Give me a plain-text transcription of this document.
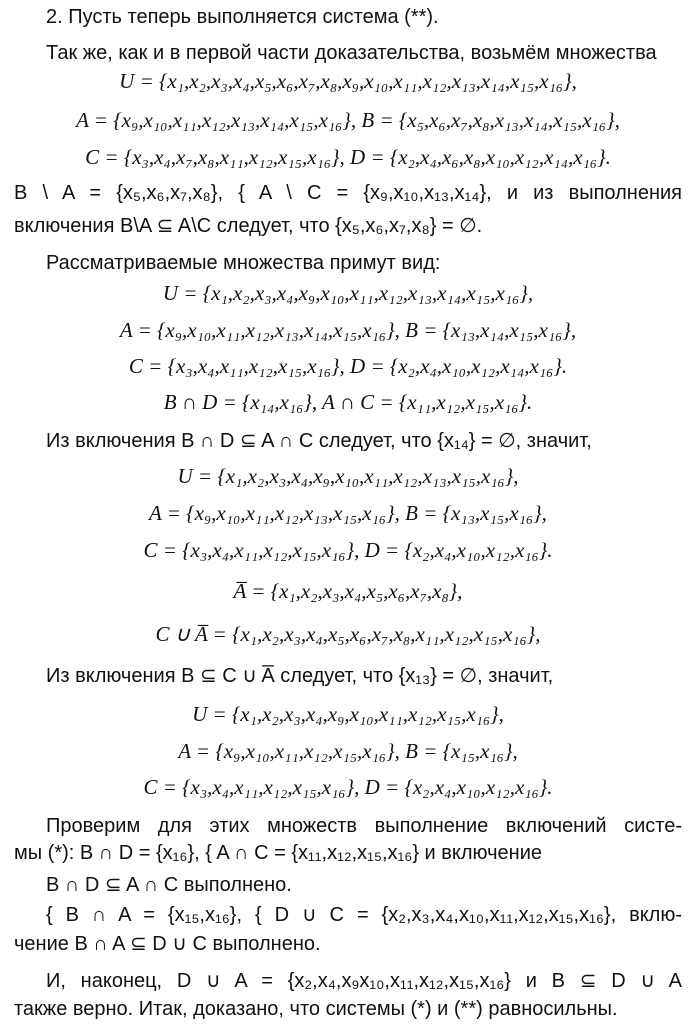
2. Пусть теперь выполняется система (**).
Так же, как и в первой части доказательства, возьмём множества
U = {x₁,x₂,x₃,x₄,x₅,x₆,x₇,x₈,x₉,x₁₀,x₁₁,x₁₂,x₁₃,x₁₄,x₁₅,x₁₆},
A = {x₉,x₁₀,x₁₁,x₁₂,x₁₃,x₁₄,x₁₅,x₁₆}, B = {x₅,x₆,x₇,x₈,x₁₃,x₁₄,x₁₅,x₁₆},
C = {x₃,x₄,x₇,x₈,x₁₁,x₁₂,x₁₅,x₁₆}, D = {x₂,x₄,x₆,x₈,x₁₀,x₁₂,x₁₄,x₁₆}.
B \ A = {x₅,x₆,x₇,x₈}, { A \ C = {x₉,x₁₀,x₁₃,x₁₄}, и из выполнения
включения B\A ⊆ A\C следует, что {x₅,x₆,x₇,x₈} = ∅.
Рассматриваемые множества примут вид:
U = {x₁,x₂,x₃,x₄,x₉,x₁₀,x₁₁,x₁₂,x₁₃,x₁₄,x₁₅,x₁₆},
A = {x₉,x₁₀,x₁₁,x₁₂,x₁₃,x₁₄,x₁₅,x₁₆}, B = {x₁₃,x₁₄,x₁₅,x₁₆},
C = {x₃,x₄,x₁₁,x₁₂,x₁₅,x₁₆}, D = {x₂,x₄,x₁₀,x₁₂,x₁₄,x₁₆}.
B ∩ D = {x₁₄,x₁₆}, A ∩ C = {x₁₁,x₁₂,x₁₅,x₁₆}.
Из включения B ∩ D ⊆ A ∩ C следует, что {x₁₄} = ∅, значит,
U = {x₁,x₂,x₃,x₄,x₉,x₁₀,x₁₁,x₁₂,x₁₃,x₁₅,x₁₆},
A = {x₉,x₁₀,x₁₁,x₁₂,x₁₃,x₁₅,x₁₆}, B = {x₁₃,x₁₅,x₁₆},
C = {x₃,x₄,x₁₁,x₁₂,x₁₅,x₁₆}, D = {x₂,x₄,x₁₀,x₁₂,x₁₆}.
A̅ = {x₁,x₂,x₃,x₄,x₅,x₆,x₇,x₈},
C ∪ A̅ = {x₁,x₂,x₃,x₄,x₅,x₆,x₇,x₈,x₁₁,x₁₂,x₁₅,x₁₆},
Из включения B ⊆ C ∪ A̅ следует, что {x₁₃} = ∅, значит,
U = {x₁,x₂,x₃,x₄,x₉,x₁₀,x₁₁,x₁₂,x₁₅,x₁₆},
A = {x₉,x₁₀,x₁₁,x₁₂,x₁₅,x₁₆}, B = {x₁₅,x₁₆},
C = {x₃,x₄,x₁₁,x₁₂,x₁₅,x₁₆}, D = {x₂,x₄,x₁₀,x₁₂,x₁₆}.
Проверим для этих множеств выполнение включений систе-
мы (*): B ∩ D = {x₁₆}, { A ∩ C = {x₁₁,x₁₂,x₁₅,x₁₆} и включение
B ∩ D ⊆ A ∩ C выполнено.
{ B ∩ A = {x₁₅,x₁₆}, { D ∪ C = {x₂,x₃,x₄,x₁₀,x₁₁,x₁₂,x₁₅,x₁₆}, вклю-
чение B ∩ A ⊆ D ∪ C выполнено.
И, наконец, D ∪ A = {x₂,x₄,x₉x₁₀,x₁₁,x₁₂,x₁₅,x₁₆} и B ⊆ D ∪ A
также верно. Итак, доказано, что системы (*) и (**) равносильны.
